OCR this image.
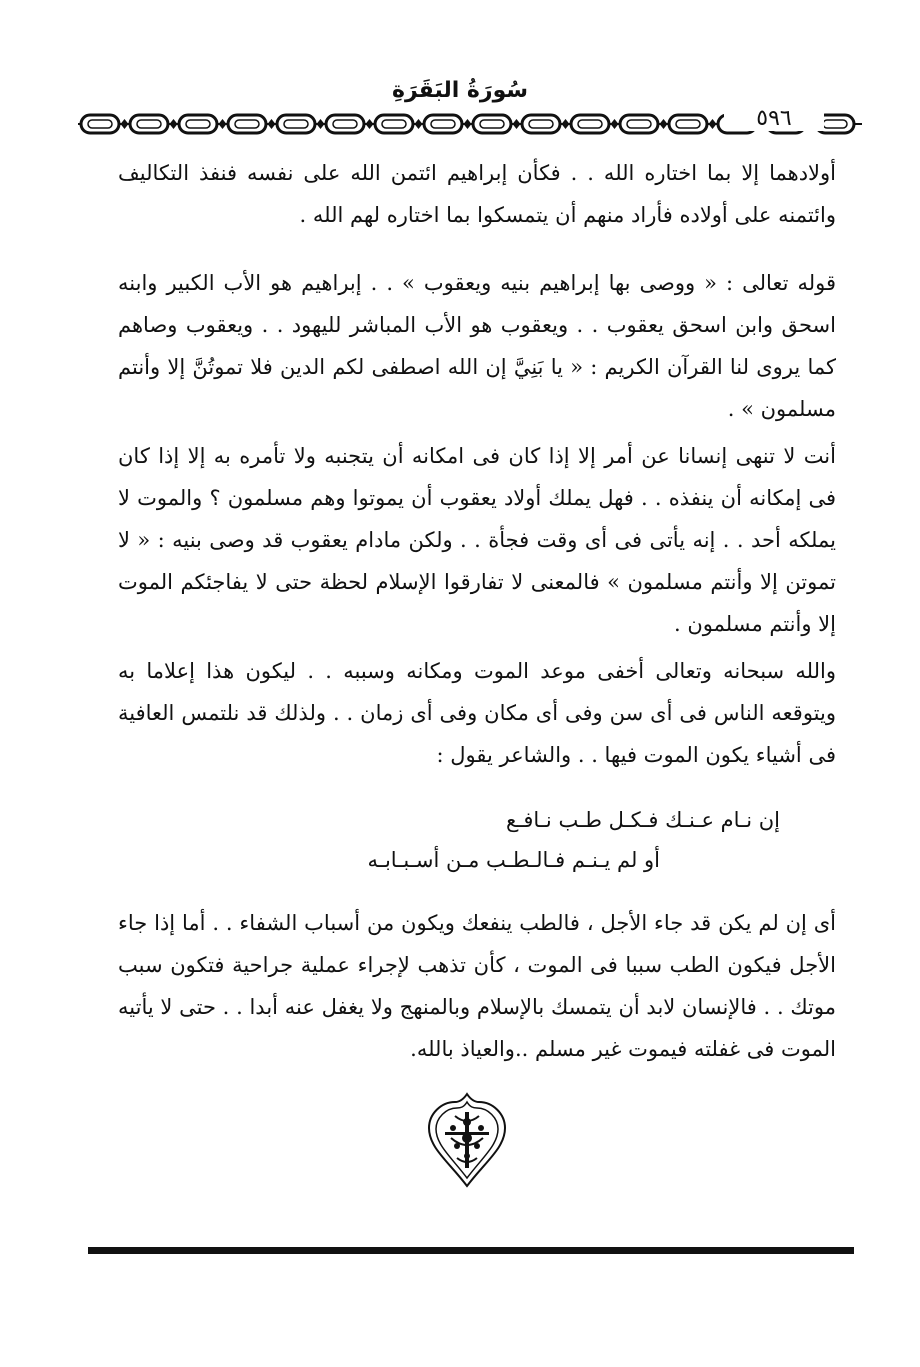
سُورَةُ البَقَرَةِ
٥٩٦
أولادهما إلا بما اختاره الله . . فكأن إبراهيم ائتمن الله على نفسه فنفذ التكاليف وائتمنه على أولاده فأراد منهم أن يتمسكوا بما اختاره لهم الله .
قوله تعالى : « ووصى بها إبراهيم بنيه ويعقوب » . . إبراهيم هو الأب الكبير وابنه اسحق وابن اسحق يعقوب . . ويعقوب هو الأب المباشر لليهود . . ويعقوب وصاهم كما يروى لنا القرآن الكريم : « يا بَنِيَّ إن الله اصطفى لكم الدين فلا تموتُنَّ إلا وأنتم مسلمون » .
أنت لا تنهى إنسانا عن أمر إلا إذا كان فى امكانه أن يتجنبه ولا تأمره به إلا إذا كان فى إمكانه أن ينفذه . . فهل يملك أولاد يعقوب أن يموتوا وهم مسلمون ؟ والموت لا يملكه أحد . . إنه يأتى فى أى وقت فجأة . . ولكن مادام يعقوب قد وصى بنيه : « لا تموتن إلا وأنتم مسلمون » فالمعنى لا تفارقوا الإسلام لحظة حتى لا يفاجئكم الموت إلا وأنتم مسلمون .
والله سبحانه وتعالى أخفى موعد الموت ومكانه وسببه . . ليكون هذا إعلاما به ويتوقعه الناس فى أى سن وفى أى مكان وفى أى زمان . . ولذلك قد نلتمس العافية فى أشياء يكون الموت فيها . . والشاعر يقول :
إن نـام عـنـك فـكـل طـب نـافـع
أو لم يـنـم فـالـطـب مـن أسـبـابـه
أى إن لم يكن قد جاء الأجل ، فالطب ينفعك ويكون من أسباب الشفاء . . أما إذا جاء الأجل فيكون الطب سببا فى الموت ، كأن تذهب لإجراء عملية جراحية فتكون سبب موتك . . فالإنسان لابد أن يتمسك بالإسلام وبالمنهج ولا يغفل عنه أبدا . . حتى لا يأتيه الموت فى غفلته فيموت غير مسلم ..والعياذ بالله.
